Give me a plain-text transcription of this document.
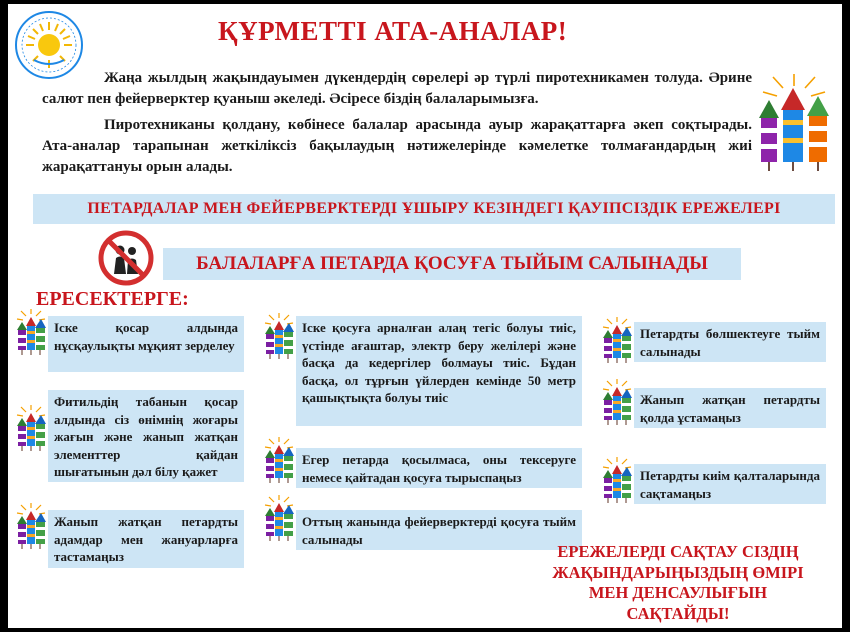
ҚҰРМЕТТІ АТА-АНАЛАР!

Жаңа жылдың жақындауымен дүкендердің сөрелері әр түрлі пиротехникамен толуда. Әрине салют пен фейерверктер қуаныш әкеледі. Әсіресе біздің балаларымызға.

Пиротехниканы қолдану, көбінесе балалар арасында ауыр жарақаттарға әкеп соқтырады. Ата-аналар тарапынан жеткіліксіз бақылаудың нәтижелерінде кәмелетке толмағандардың жиі жарақаттануы орын алады.

ПЕТАРДАЛАР МЕН ФЕЙЕРВЕРКТЕРДІ ҰШЫРУ КЕЗІНДЕГІ ҚАУІПСІЗДІК ЕРЕЖЕЛЕРІ
БАЛАЛАРҒА ПЕТАРДА ҚОСУҒА ТЫЙЫМ САЛЫНАДЫ
ЕРЕСЕКТЕРГЕ:
Іске қосар алдында нұсқаулықты мұқият зерделеу
Фитильдің табанын қосар алдында сіз өнімнің жоғары жағын және жанып жатқан элементтер қайдан шығатынын дәл білу қажет
Жанып жатқан петардты адамдар мен жануарларға тастамаңыз
Іске қосуға арналған алаң тегіс болуы тиіс, үстінде ағаштар, электр беру желілері және басқа да кедергілер болмауы тиіс. Бұдан басқа, ол тұрғын үйлерден кемінде 50 метр қашықтықта болуы тиіс
Егер петарда қосылмаса, оны тексеруге немесе қайтадан қосуға тырыспаңыз
Оттың жанында фейерверктерді қосуға тыйм салынады
Петардты бөлшектеуге тыйм салынады
Жанып жатқан петардты қолда ұстамаңыз
Петардты киім қалталарында сақтамаңыз
ЕРЕЖЕЛЕРДІ САҚТАУ СІЗДІҢ ЖАҚЫНДАРЫҢЫЗДЫҢ ӨМІРІ МЕН ДЕНСАУЛЫҒЫН САҚТАЙДЫ!
